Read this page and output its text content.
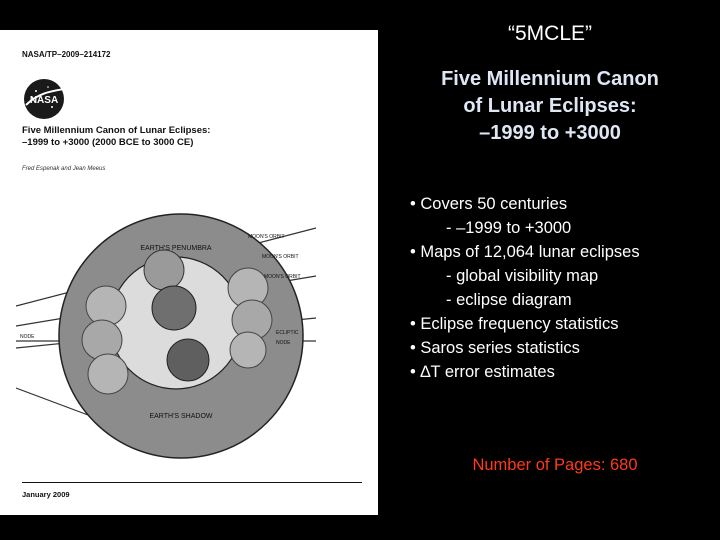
NASA/TP–2009–214172
NASA
Five Millennium Canon of Lunar Eclipses:
–1999 to +3000 (2000 BCE to 3000 CE)
Fred Espenak and Jean Meeus
EARTH'S PENUMBRA
EARTH'S SHADOW
MOON'S ORBIT
MOON'S ORBIT
MOON'S ORBIT
ECLIPTIC
NODE
NODE
January 2009
“5MCLE”
Five Millennium Canon
of Lunar Eclipses:
–1999 to +3000
• Covers 50 centuries
- –1999 to +3000
• Maps of 12,064 lunar eclipses
- global visibility map
- eclipse diagram
• Eclipse frequency statistics
• Saros series statistics
• ∆T error estimates
Number of Pages: 680
